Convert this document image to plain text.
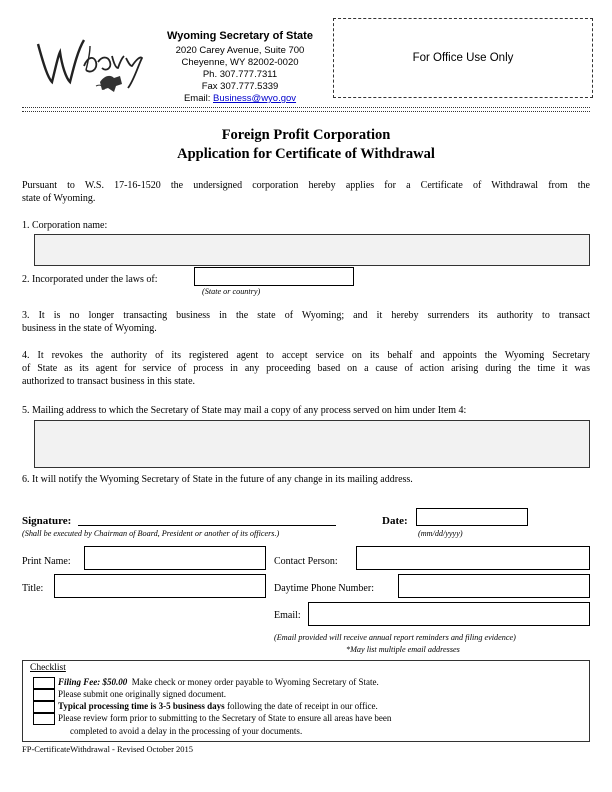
Wyoming Secretary of State
2020 Carey Avenue, Suite 700
Cheyenne, WY 82002-0020
Ph. 307.777.7311
Fax 307.777.5339
Email: Business@wyo.gov
For Office Use Only
Foreign Profit Corporation
Application for Certificate of Withdrawal
Pursuant to W.S. 17-16-1520 the undersigned corporation hereby applies for a Certificate of Withdrawal from the
state of Wyoming.
1. Corporation name:
2. Incorporated under the laws of:
(State or country)
3. It is no longer transacting business in the state of Wyoming; and it hereby surrenders its authority to transact
business in the state of Wyoming.
4. It revokes the authority of its registered agent to accept service on its behalf and appoints the Wyoming Secretary
of State as its agent for service of process in any proceeding based on a cause of action arising during the time it was
authorized to transact business in this state.
5. Mailing address to which the Secretary of State may mail a copy of any process served on him under Item 4:
6. It will notify the Wyoming Secretary of State in the future of any change in its mailing address.
Signature:
(Shall be executed by Chairman of Board, President or another of its officers.)
Date:
(mm/dd/yyyy)
Print Name:	Contact Person:
Title:	Daytime Phone Number:
Email:
(Email provided will receive annual report reminders and filing evidence)
*May list multiple email addresses
Checklist
Filing Fee: $50.00 Make check or money order payable to Wyoming Secretary of State.
Please submit one originally signed document.
Typical processing time is 3-5 business days following the date of receipt in our office.
Please review form prior to submitting to the Secretary of State to ensure all areas have been
completed to avoid a delay in the processing of your documents.
FP-CertificateWithdrawal - Revised October 2015
